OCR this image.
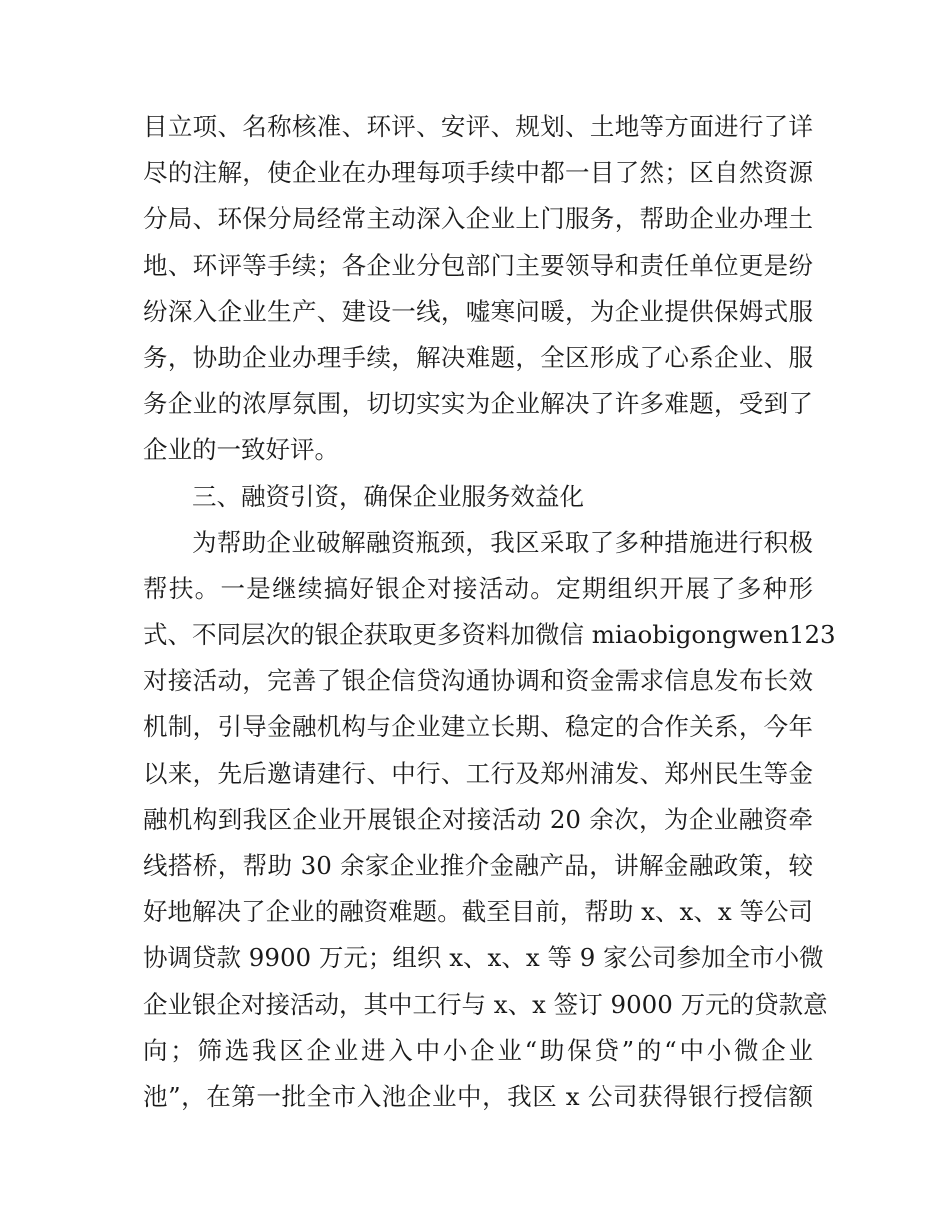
目立项、名称核准、环评、安评、规划、土地等方面进行了详
尽的注解，使企业在办理每项手续中都一目了然；区自然资源
分局、环保分局经常主动深入企业上门服务，帮助企业办理土
地、环评等手续；各企业分包部门主要领导和责任单位更是纷
纷深入企业生产、建设一线，嘘寒问暖，为企业提供保姆式服
务，协助企业办理手续，解决难题，全区形成了心系企业、服
务企业的浓厚氛围，切切实实为企业解决了许多难题，受到了
企业的一致好评。
三、融资引资，确保企业服务效益化
为帮助企业破解融资瓶颈，我区采取了多种措施进行积极
帮扶。一是继续搞好银企对接活动。定期组织开展了多种形
式、不同层次的银企获取更多资料加微信 miaobigongwen123
对接活动，完善了银企信贷沟通协调和资金需求信息发布长效
机制，引导金融机构与企业建立长期、稳定的合作关系，今年
以来，先后邀请建行、中行、工行及郑州浦发、郑州民生等金
融机构到我区企业开展银企对接活动 20 余次，为企业融资牵
线搭桥，帮助 30 余家企业推介金融产品，讲解金融政策，较
好地解决了企业的融资难题。截至目前，帮助 x、x、x 等公司
协调贷款 9900 万元；组织 x、x、x 等 9 家公司参加全市小微
企业银企对接活动，其中工行与 x、x 签订 9000 万元的贷款意
向；筛选我区企业进入中小企业“助保贷”的“中小微企业
池”，在第一批全市入池企业中，我区 x 公司获得银行授信额
